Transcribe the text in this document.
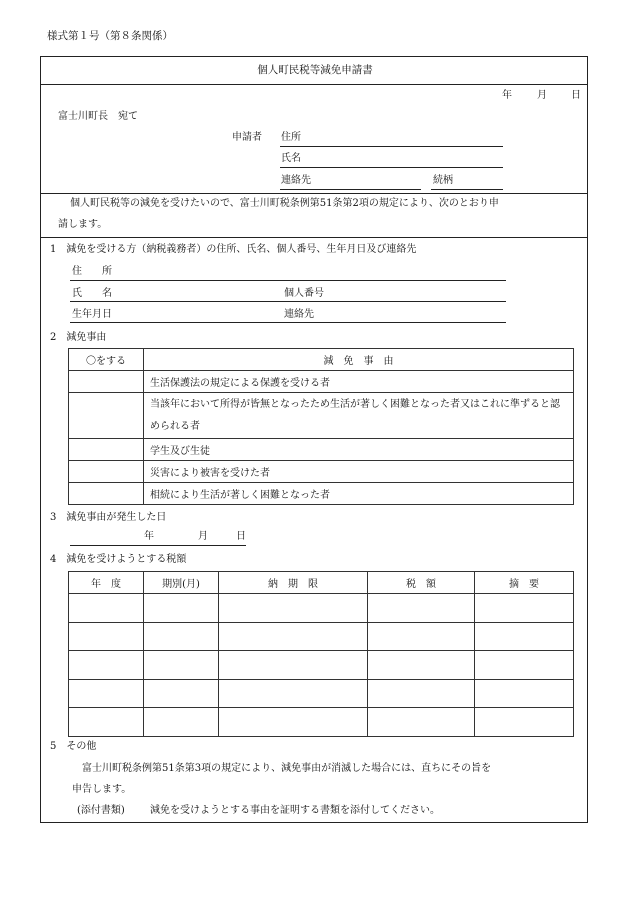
様式第１号（第８条関係）
個人町民税等減免申請書
年	月 日
富士川町長　宛て
申請者 住所
氏名
連絡先	続柄
個人町民税等の減免を受けたいので、富士川町税条例第51条第2項の規定により、次のとおり申
請します。
1　減免を受ける方（納税義務者）の住所、氏名、個人番号、生年月日及び連絡先
住　　所
氏　　名	個人番号
生年月日	連絡先
2　減免事由
〇をする	減　免　事　由
	生活保護法の規定による保護を受ける者
	当該年において所得が皆無となったため生活が著しく困難となった者又はこれに準ずると認められる者
	学生及び生徒
	災害により被害を受けた者
	相続により生活が著しく困難となった者
3　減免事由が発生した日
年	月	日
4　減免を受けようとする税額
年　度	期別(月)	納　期　限	税　額	摘　要

5　その他
富士川町税条例第51条第3項の規定により、減免事由が消滅した場合には、直ちにその旨を
申告します。
(添付書類)	減免を受けようとする事由を証明する書類を添付してください。
